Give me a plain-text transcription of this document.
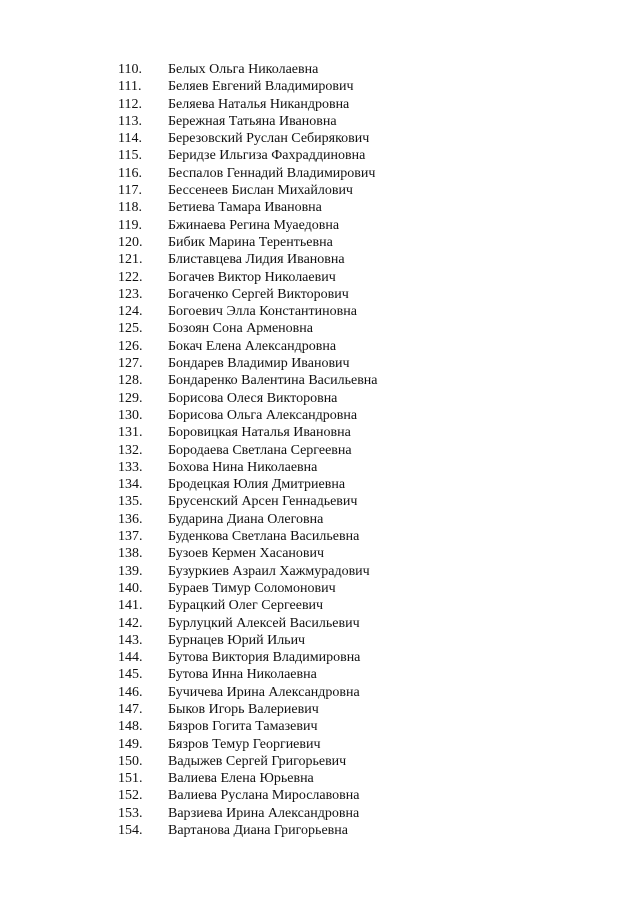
110. Белых Ольга Николаевна
111. Беляев Евгений Владимирович
112. Беляева Наталья Никандровна
113. Бережная Татьяна Ивановна
114. Березовский Руслан Себирякович
115. Беридзе Ильгиза Фахраддиновна
116. Беспалов Геннадий Владимирович
117. Бессенеев Бислан Михайлович
118. Бетиева Тамара Ивановна
119. Бжинаева Регина Муаедовна
120. Бибик Марина Терентьевна
121. Блиставцева Лидия Ивановна
122. Богачев Виктор Николаевич
123. Богаченко Сергей Викторович
124. Богоевич Элла Константиновна
125. Бозоян Сона Арменовна
126. Бокач Елена Александровна
127. Бондарев Владимир Иванович
128. Бондаренко Валентина Васильевна
129. Борисова Олеся Викторовна
130. Борисова Ольга Александровна
131. Боровицкая Наталья Ивановна
132. Бородаева Светлана Сергеевна
133. Бохова Нина Николаевна
134. Бродецкая Юлия Дмитриевна
135. Брусенский Арсен Геннадьевич
136. Бударина Диана Олеговна
137. Буденкова Светлана Васильевна
138. Бузоев Кермен Хасанович
139. Бузуркиев Азраил Хажмурадович
140. Бураев Тимур Соломонович
141. Бурацкий Олег Сергеевич
142. Бурлуцкий Алексей Васильевич
143. Бурнацев Юрий Ильич
144. Бутова Виктория Владимировна
145. Бутова Инна Николаевна
146. Бучичева Ирина Александровна
147. Быков Игорь Валериевич
148. Бязров Гогита Тамазевич
149. Бязров Темур Георгиевич
150. Вадыжев Сергей Григорьевич
151. Валиева Елена Юрьевна
152. Валиева Руслана Мирославовна
153. Варзиева Ирина Александровна
154. Вартанова Диана Григорьевна
